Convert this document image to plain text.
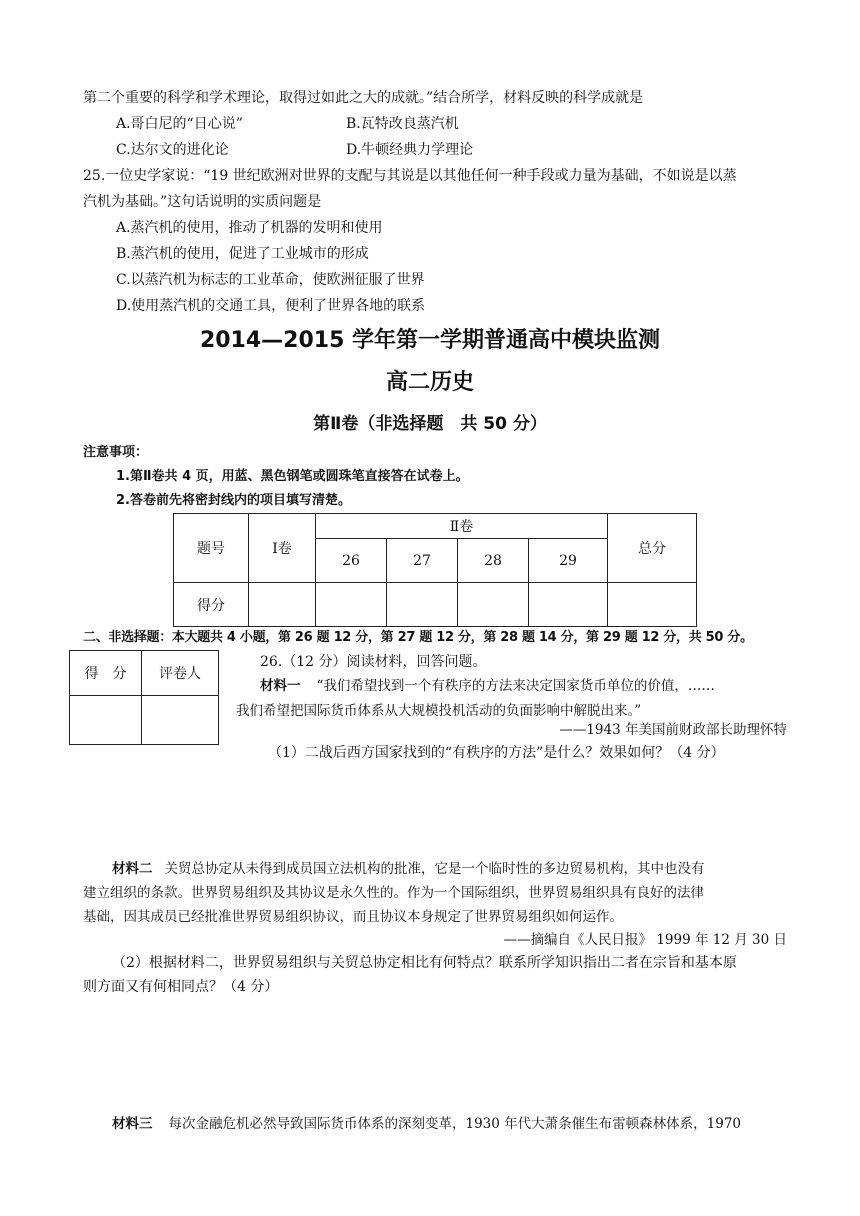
第二个重要的科学和学术理论，取得过如此之大的成就。”结合所学，材料反映的科学成就是
A.哥白尼的“日心说”	B.瓦特改良蒸汽机
C.达尔文的进化论	D.牛顿经典力学理论
25.一位史学家说：“19 世纪欧洲对世界的支配与其说是以其他任何一种手段或力量为基础，不如说是以蒸
汽机为基础。”这句话说明的实质问题是
A.蒸汽机的使用，推动了机器的发明和使用
B.蒸汽机的使用，促进了工业城市的形成
C.以蒸汽机为标志的工业革命，使欧洲征服了世界
D.使用蒸汽机的交通工具，便利了世界各地的联系
2014—2015 学年第一学期普通高中模块监测
高二历史
第Ⅱ卷（非选择题　共 50 分）
注意事项：
1.第Ⅱ卷共 4 页，用蓝、黑色钢笔或圆珠笔直接答在试卷上。
2.答卷前先将密封线内的项目填写清楚。
题号	Ⅰ卷	Ⅱ卷				总分
		26	27	28	29	
得分						
二、非选择题：本大题共 4 小题，第 26 题 12 分，第 27 题 12 分，第 28 题 14 分，第 29 题 12 分，共 50 分。
得　分	评卷人

26.（12 分）阅读材料，回答问题。
材料一 “我们希望找到一个有秩序的方法来决定国家货币单位的价值，……
我们希望把国际货币体系从大规模投机活动的负面影响中解脱出来。”
——1943 年美国前财政部长助理怀特
（1）二战后西方国家找到的“有秩序的方法”是什么？效果如何？（4 分）
材料二 关贸总协定从未得到成员国立法机构的批准，它是一个临时性的多边贸易机构，其中也没有
建立组织的条款。世界贸易组织及其协议是永久性的。作为一个国际组织，世界贸易组织具有良好的法律
基础，因其成员已经批准世界贸易组织协议，而且协议本身规定了世界贸易组织如何运作。
——摘编自《人民日报》 1999 年 12 月 30 日
（2）根据材料二，世界贸易组织与关贸总协定相比有何特点？联系所学知识指出二者在宗旨和基本原
则方面又有何相同点？（4 分）
材料三 每次金融危机必然导致国际货币体系的深刻变革，1930 年代大萧条催生布雷顿森林体系，1970
